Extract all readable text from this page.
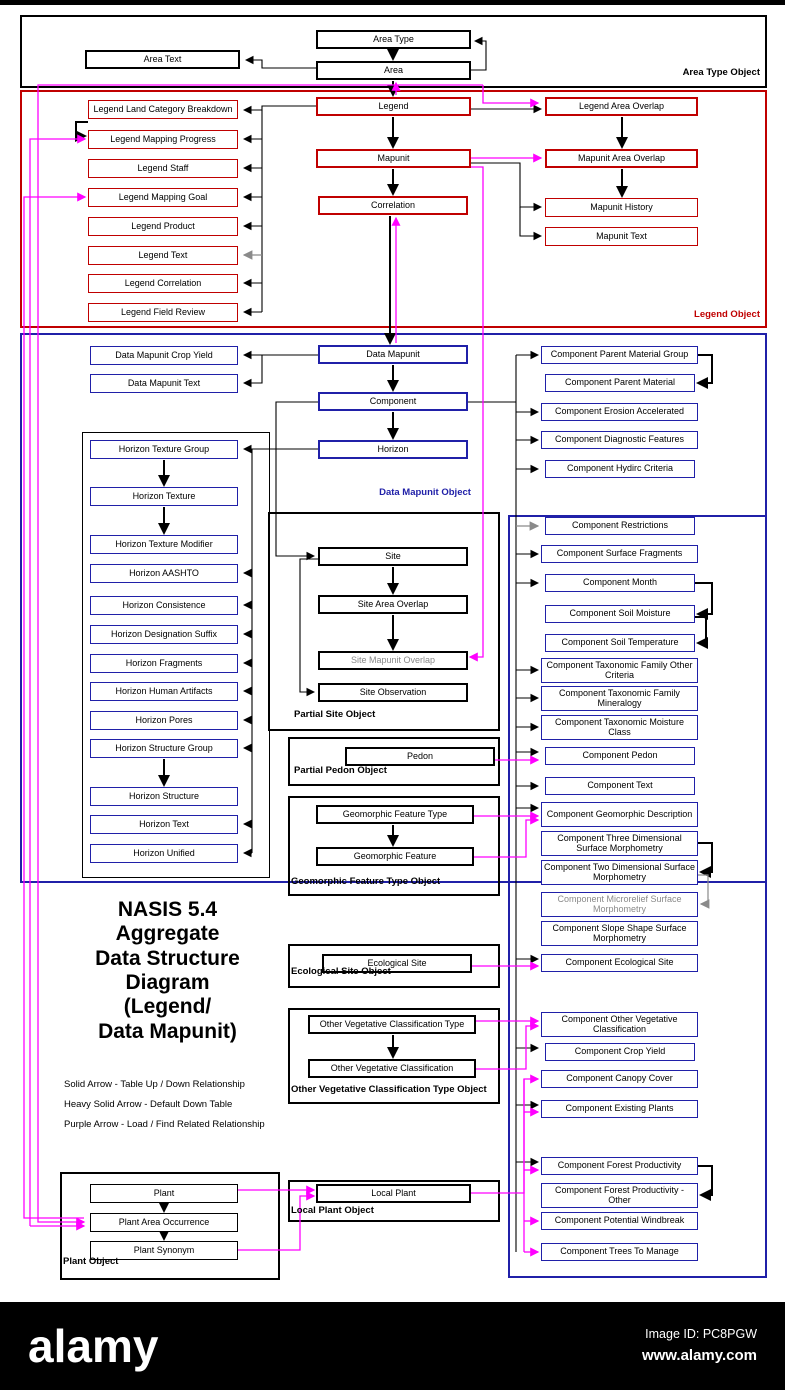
NASIS 5.4
Aggregate
Data Structure
Diagram
(Legend/
Data Mapunit)
alamy	Image ID: PC8PGW
www.alamy.com
Area Type Object
Legend Object
Data Mapunit Object
Partial Site Object
Partial Pedon Object
Geomorphic Feature Type Object
Ecological Site Object
Other Vegetative Classification Type Object
Local Plant Object
Plant Object
Area Type
Area Text
Area
Legend Land Category Breakdown
Legend Mapping Progress
Legend Staff
Legend Mapping Goal
Legend Product
Legend Text
Legend Correlation
Legend Field Review
Legend
Mapunit
Correlation
Legend Area Overlap
Mapunit Area Overlap
Mapunit History
Mapunit Text
Data Mapunit Crop Yield
Data Mapunit Text
Data Mapunit
Component
Horizon
Horizon Texture Group
Horizon Texture
Horizon Texture Modifier
Horizon AASHTO
Horizon Consistence
Horizon Designation Suffix
Horizon Fragments
Horizon Human Artifacts
Horizon Pores
Horizon Structure Group
Horizon Structure
Horizon Text
Horizon Unified
Site
Site Area Overlap
Site Mapunit Overlap
Site Observation
Pedon
Geomorphic Feature Type
Geomorphic Feature
Ecological Site
Other Vegetative Classification Type
Other Vegetative Classification
Local Plant
Plant
Plant Area Occurrence
Plant Synonym
Component Parent Material Group
Component Parent Material
Component Erosion Accelerated
Component Diagnostic Features
Component Hydirc Criteria
Component Restrictions
Component Surface Fragments
Component Month
Component Soil Moisture
Component Soil Temperature
Component Taxonomic Family Other Criteria
Component Taxonomic Family Mineralogy
Component Taxonomic Moisture Class
Component Pedon
Component Text
Component Geomorphic Description
Component Three Dimensional Surface Morphometry
Component Two Dimensional Surface Morphometry
Component Microrelief Surface Morphometry
Component Slope Shape Surface Morphometry
Component Ecological Site
Component Other Vegetative Classification
Component Crop Yield
Component Canopy Cover
Component Existing Plants
Component Forest Productivity
Component Forest Productivity - Other
Component Potential Windbreak
Component Trees To Manage
Solid Arrow - Table Up / Down Relationship
Heavy Solid Arrow - Default Down Table
Purple Arrow - Load / Find Related Relationship
